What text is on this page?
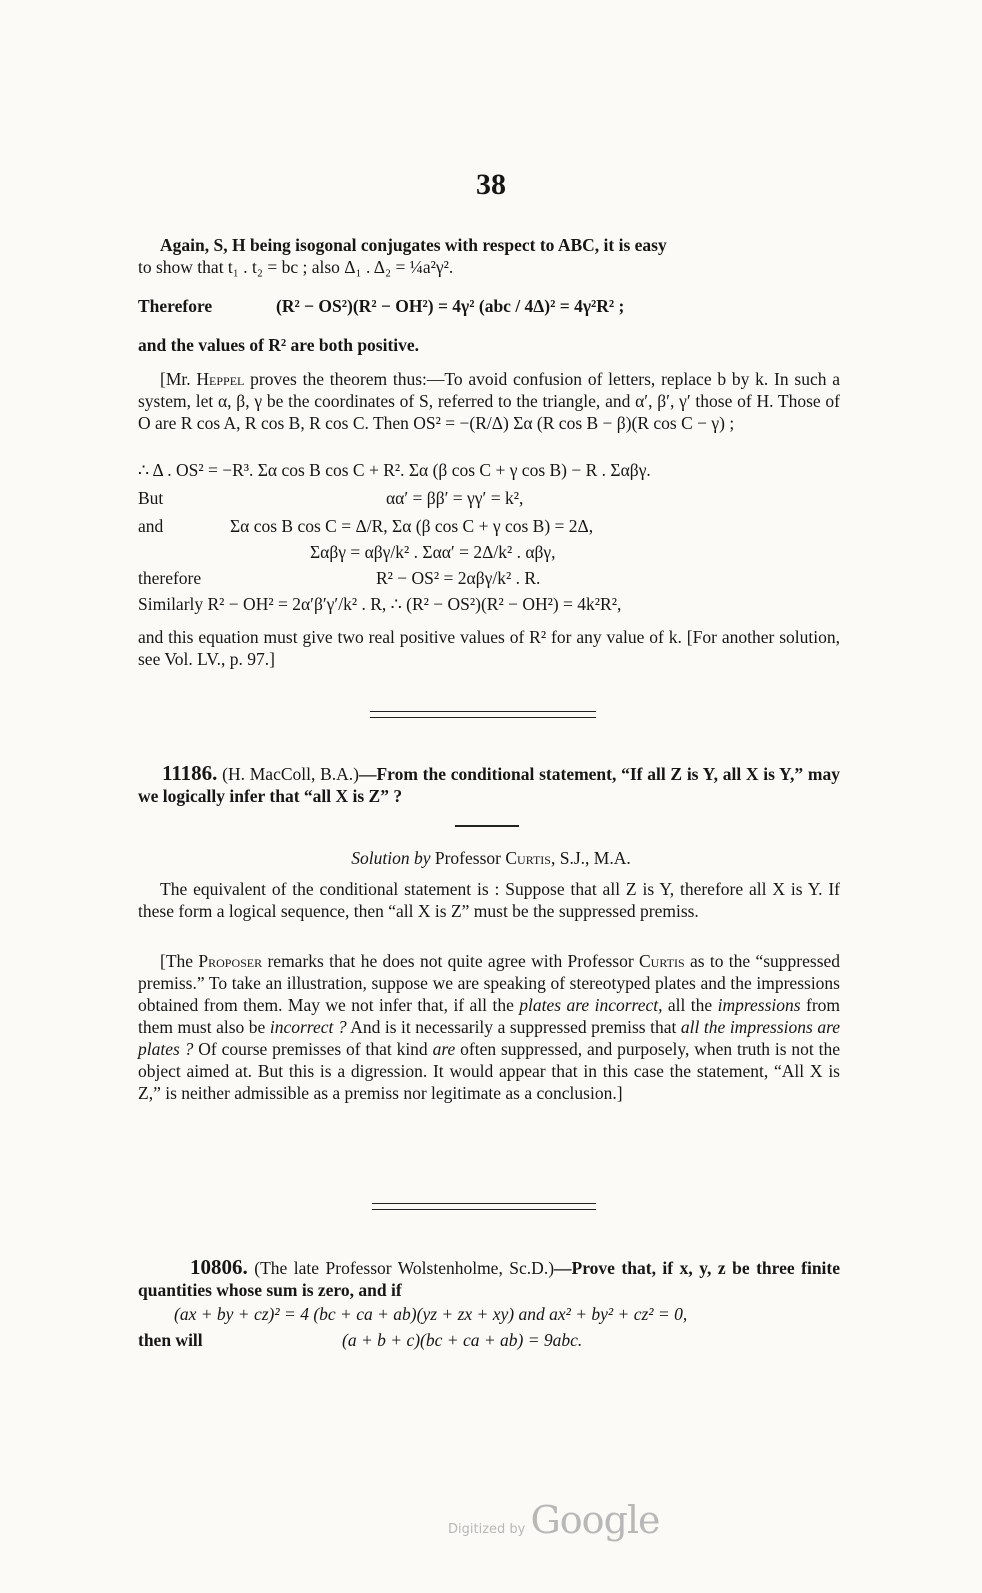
38

Again, S, H being isogonal conjugates with respect to ABC, it is easy

to show that t₁ . t₂ = bc ; also Δ₁ . Δ₂ = ¼a²γ².

Therefore	(R² − OS²)(R² − OH²) = 4γ² (abc / 4Δ)² = 4γ²R² ;

and the values of R² are both positive.

[Mr. Heppel proves the theorem thus:—To avoid confusion of letters, replace b by k. In such a system, let α, β, γ be the coordinates of S, referred to the triangle, and α′, β′, γ′ those of H. Those of O are R cos A, R cos B, R cos C. Then OS² = −(R/Δ) Σα (R cos B − β)(R cos C − γ) ;

∴ Δ . OS² = −R³. Σα cos B cos C + R². Σα (β cos C + γ cos B) − R . Σαβγ.
But	αα′ = ββ′ = γγ′ = k²,
and	Σα cos B cos C = Δ/R, Σα (β cos C + γ cos B) = 2Δ,
Σαβγ = αβγ/k² . Σαα′ = 2Δ/k² . αβγ,
therefore	R² − OS² = 2αβγ/k² . R.
Similarly R² − OH² = 2α′β′γ′/k² . R, ∴ (R² − OS²)(R² − OH²) = 4k²R²,

and this equation must give two real positive values of R² for any value of k. [For another solution, see Vol. LV., p. 97.]

11186. (H. MacColl, B.A.)—From the conditional statement, “If all Z is Y, all X is Y,” may we logically infer that “all X is Z” ?

Solution by Professor Curtis, S.J., M.A.

The equivalent of the conditional statement is : Suppose that all Z is Y, therefore all X is Y. If these form a logical sequence, then “all X is Z” must be the suppressed premiss.

[The Proposer remarks that he does not quite agree with Professor Curtis as to the “suppressed premiss.” To take an illustration, suppose we are speaking of stereotyped plates and the impressions obtained from them. May we not infer that, if all the plates are incorrect, all the impressions from them must also be incorrect ? And is it necessarily a suppressed premiss that all the impressions are plates ? Of course premisses of that kind are often suppressed, and purposely, when truth is not the object aimed at. But this is a digression. It would appear that in this case the statement, “All X is Z,” is neither admissible as a premiss nor legitimate as a conclusion.]

10806. (The late Professor Wolstenholme, Sc.D.)—Prove that, if x, y, z be three finite quantities whose sum is zero, and if

(ax + by + cz)² = 4 (bc + ca + ab)(yz + zx + xy) and ax² + by² + cz² = 0,
then will	(a + b + c)(bc + ca + ab) = 9abc.
Digitized by Google
